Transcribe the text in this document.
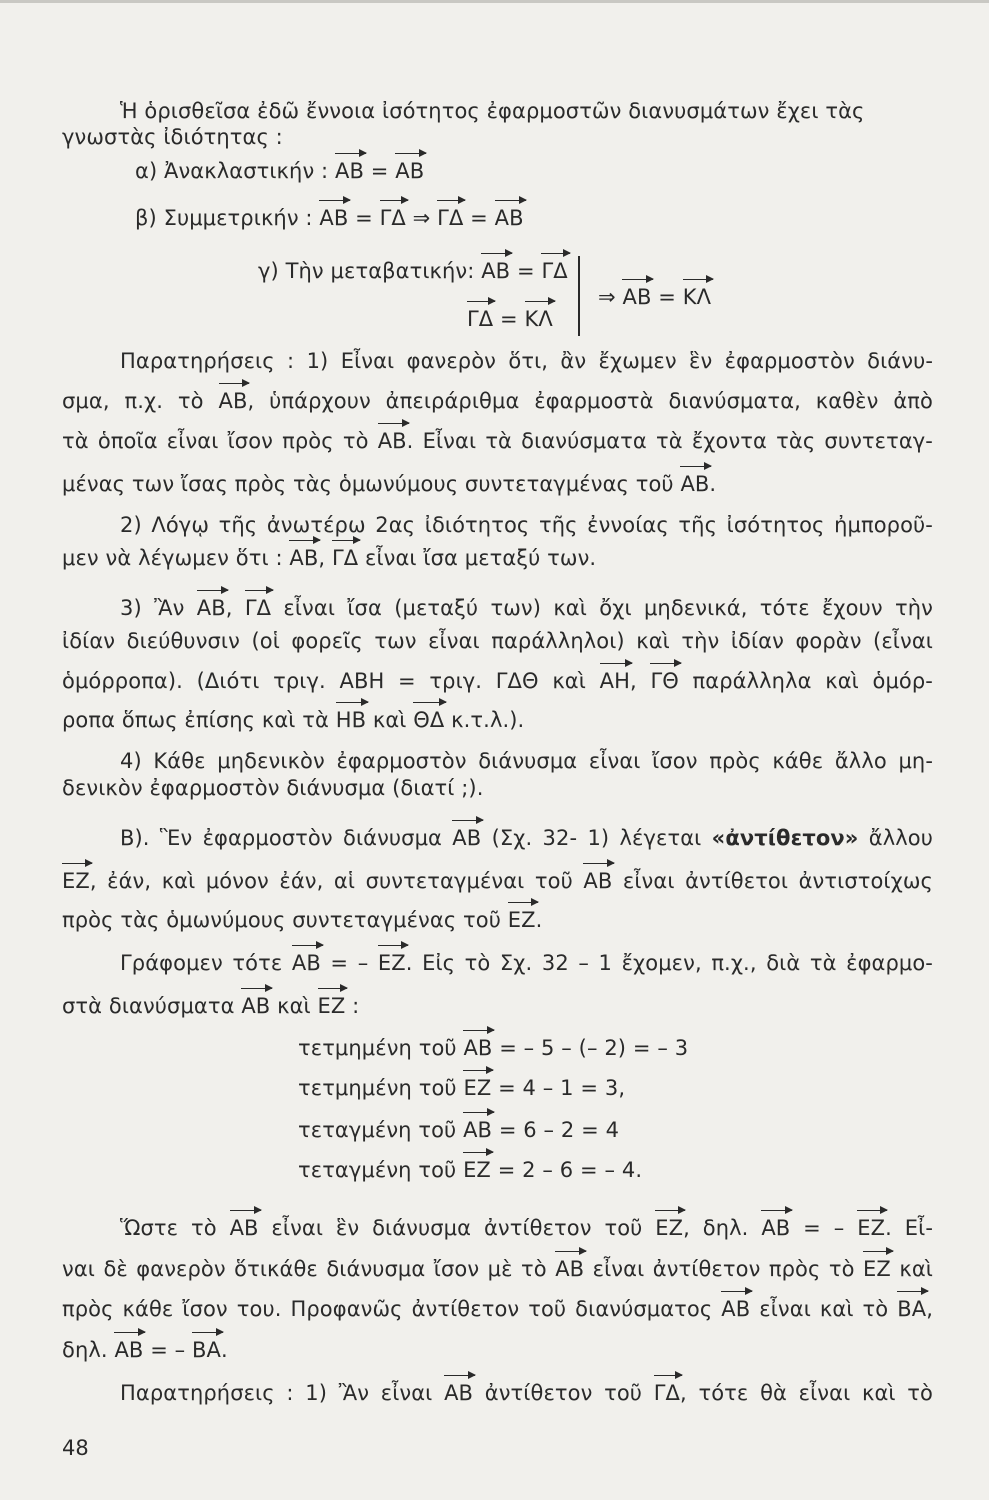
Ἡ ὁρισθεῖσα ἐδῶ ἔννοια ἰσότητος ἐφαρμοστῶν διανυσμάτων ἔχει τὰς
γνωστὰς ἰδιότητας :
α) Ἀνακλαστικήν : ΑΒ = ΑΒ
β) Συμμετρικήν : ΑΒ = ΓΔ ⇒ ΓΔ = ΑΒ
γ) Τὴν μεταβατικήν: ΑΒ = ΓΔ
ΓΔ = ΚΛ
⇒ ΑΒ = ΚΛ
Παρατηρήσεις : 1) Εἶναι φανερὸν ὅτι, ἂν ἔχωμεν ἓν ἐφαρμοστὸν διάνυ-
σμα, π.χ. τὸ ΑΒ, ὑπάρχουν ἀπειράριθμα ἐφαρμοστὰ διανύσματα, καθὲν ἀπὸ
τὰ ὁποῖα εἶναι ἴσον πρὸς τὸ ΑΒ. Εἶναι τὰ διανύσματα τὰ ἔχοντα τὰς συντεταγ-
μένας των ἴσας πρὸς τὰς ὁμωνύμους συντεταγμένας τοῦ ΑΒ.
2) Λόγῳ τῆς ἀνωτέρω 2ας ἰδιότητος τῆς ἐννοίας τῆς ἰσότητος ἠμποροῦ-
μεν νὰ λέγωμεν ὅτι : ΑΒ, ΓΔ εἶναι ἴσα μεταξύ των.
3) Ἂν ΑΒ, ΓΔ εἶναι ἴσα (μεταξύ των) καὶ ὄχι μηδενικά, τότε ἔχουν τὴν
ἰδίαν διεύθυνσιν (οἱ φορεῖς των εἶναι παράλληλοι) καὶ τὴν ἰδίαν φορὰν (εἶναι
ὁμόρροπα). (Διότι τριγ. ΑΒΗ = τριγ. ΓΔΘ καὶ ΑΗ, ΓΘ παράλληλα καὶ ὁμόρ-
ροπα ὅπως ἐπίσης καὶ τὰ ΗΒ καὶ ΘΔ κ.τ.λ.).
4) Κάθε μηδενικὸν ἐφαρμοστὸν διάνυσμα εἶναι ἴσον πρὸς κάθε ἄλλο μη-
δενικὸν ἐφαρμοστὸν διάνυσμα (διατί ;).
Β). Ἓν ἐφαρμοστὸν διάνυσμα ΑΒ (Σχ. 32- 1) λέγεται «ἀντίθετον» ἄλλου
ΕΖ, ἐάν, καὶ μόνον ἐάν, αἱ συντεταγμέναι τοῦ ΑΒ εἶναι ἀντίθετοι ἀντιστοίχως
πρὸς τὰς ὁμωνύμους συντεταγμένας τοῦ ΕΖ.
Γράφομεν τότε ΑΒ = – ΕΖ. Εἰς τὸ Σχ. 32 – 1 ἔχομεν, π.χ., διὰ τὰ ἐφαρμο-
στὰ διανύσματα ΑΒ καὶ ΕΖ :
τετμημένη τοῦ ΑΒ = – 5 – (– 2) = – 3
τετμημένη τοῦ ΕΖ = 4 – 1 = 3,
τεταγμένη τοῦ ΑΒ = 6 – 2 = 4
τεταγμένη τοῦ ΕΖ = 2 – 6 = – 4.
Ὥστε τὸ ΑΒ εἶναι ἓν διάνυσμα ἀντίθετον τοῦ ΕΖ, δηλ. ΑΒ = – ΕΖ. Εἶ-
ναι δὲ φανερὸν ὅτικάθε διάνυσμα ἴσον μὲ τὸ ΑΒ εἶναι ἀντίθετον πρὸς τὸ ΕΖ καὶ
πρὸς κάθε ἴσον του. Προφανῶς ἀντίθετον τοῦ διανύσματος ΑΒ εἶναι καὶ τὸ ΒΑ,
δηλ. ΑΒ = – ΒΑ.
Παρατηρήσεις : 1) Ἂν εἶναι ΑΒ ἀντίθετον τοῦ ΓΔ, τότε θὰ εἶναι καὶ τὸ
48
